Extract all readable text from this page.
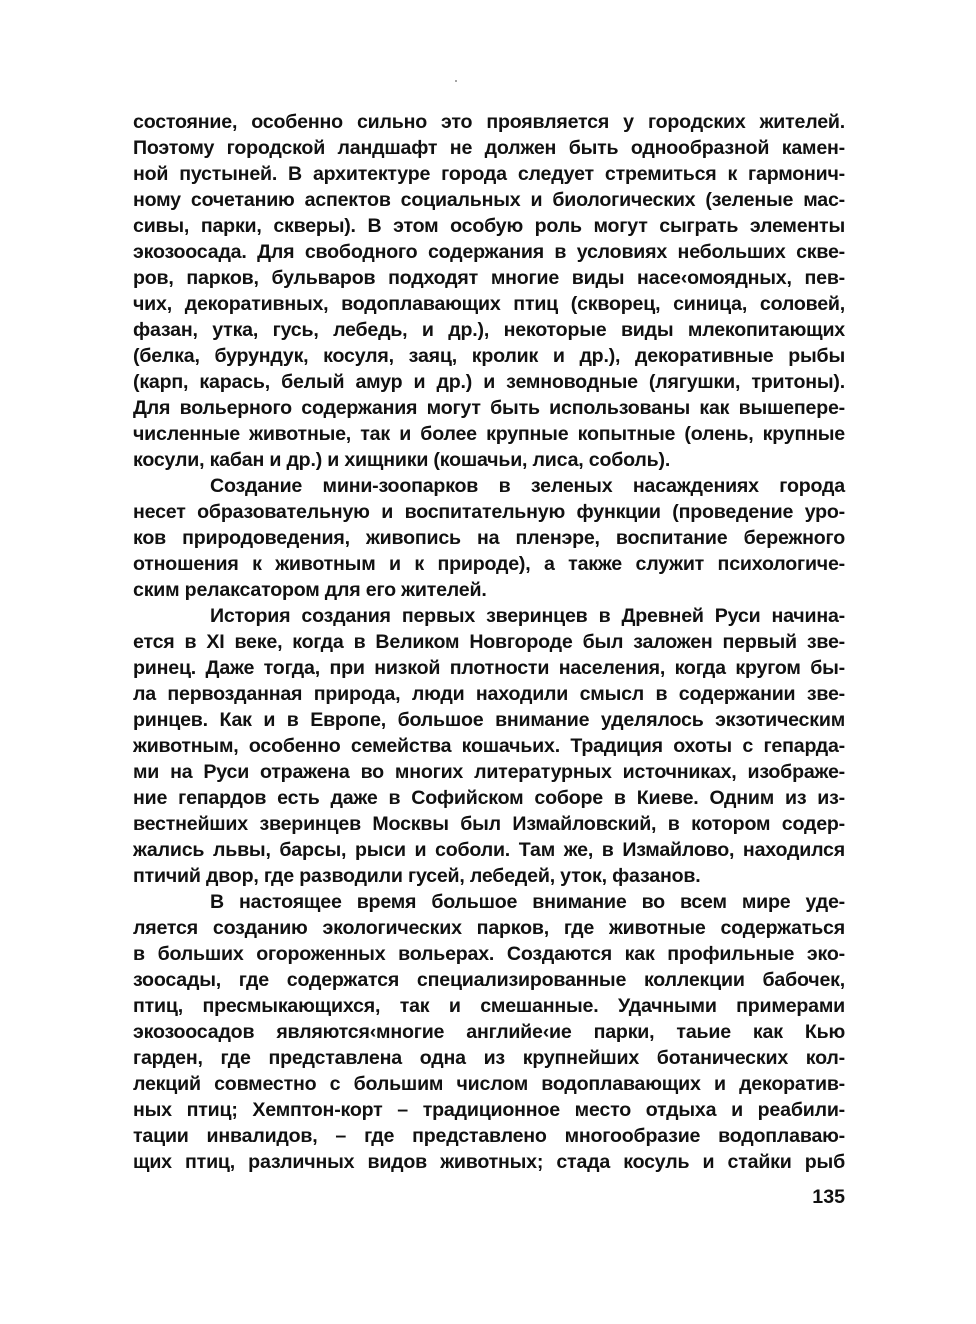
состояние, особенно сильно это проявляется у городских жителей.
Поэтому городской ландшафт не должен быть однообразной камен-
ной пустыней. В архитектуре города следует стремиться к гармонич-
ному сочетанию аспектов социальных и биологических (зеленые мас-
сивы, парки, скверы). В этом особую роль могут сыграть элементы
экозоосада. Для свободного содержания в условиях небольших скве-
ров, парков, бульваров подходят многие виды насе‹омоядных, пев-
чих, декоративных, водоплавающих птиц (скворец, синица, соловей,
фазан, утка, гусь, лебедь, и др.), некоторые виды млекопитающих
(белка, бурундук, косуля, заяц, кролик и др.), декоративные рыбы
(карп, карась, белый амур и др.) и земноводные (лягушки, тритоны).
Для вольерного содержания могут быть использованы как вышепере-
численные животные, так и более крупные копытные (олень, крупные
косули, кабан и др.) и хищники (кошачьи, лиса, соболь).
Создание мини-зоопарков в зеленых насаждениях города
несет образовательную и воспитательную функции (проведение уро-
ков природоведения, живопись на пленэре, воспитание бережного
отношения к животным и к природе), а также служит психологиче-
ским релаксатором для его жителей.
История создания первых зверинцев в Древней Руси начина-
ется в XI веке, когда в Великом Новгороде был заложен первый зве-
ринец. Даже тогда, при низкой плотности населения, когда кругом бы-
ла первозданная природа, люди находили смысл в содержании зве-
ринцев. Как и в Европе, большое внимание уделялось экзотическим
животным, особенно семейства кошачьих. Традиция охоты с гепарда-
ми на Руси отражена во многих литературных источниках, изображе-
ние гепардов есть даже в Софийском соборе в Киеве. Одним из из-
вестнейших зверинцев Москвы был Измайловский, в котором содер-
жались львы, барсы, рыси и соболи. Там же, в Измайлово, находился
птичий двор, где разводили гусей, лебедей, уток, фазанов.
В настоящее время большое внимание во всем мире уде-
ляется созданию экологических парков, где животные содержаться
в больших огороженных вольерах. Создаются как профильные эко-
зоосады, где содержатся специализированные коллекции бабочек,
птиц, пресмыкающихся, так и смешанные. Удачными примерами
экозоосадов являются‹многие английе‹ие парки, таьие как Кью
гарден, где представлена одна из крупнейших ботанических кол-
лекций совместно с большим числом водоплавающих и декоратив-
ных птиц; Хемптон-корт – традиционное место отдыха и реабили-
тации инвалидов, – где представлено многообразие водоплаваю-
щих птиц, различных видов животных; стада косуль и стайки рыб
135
